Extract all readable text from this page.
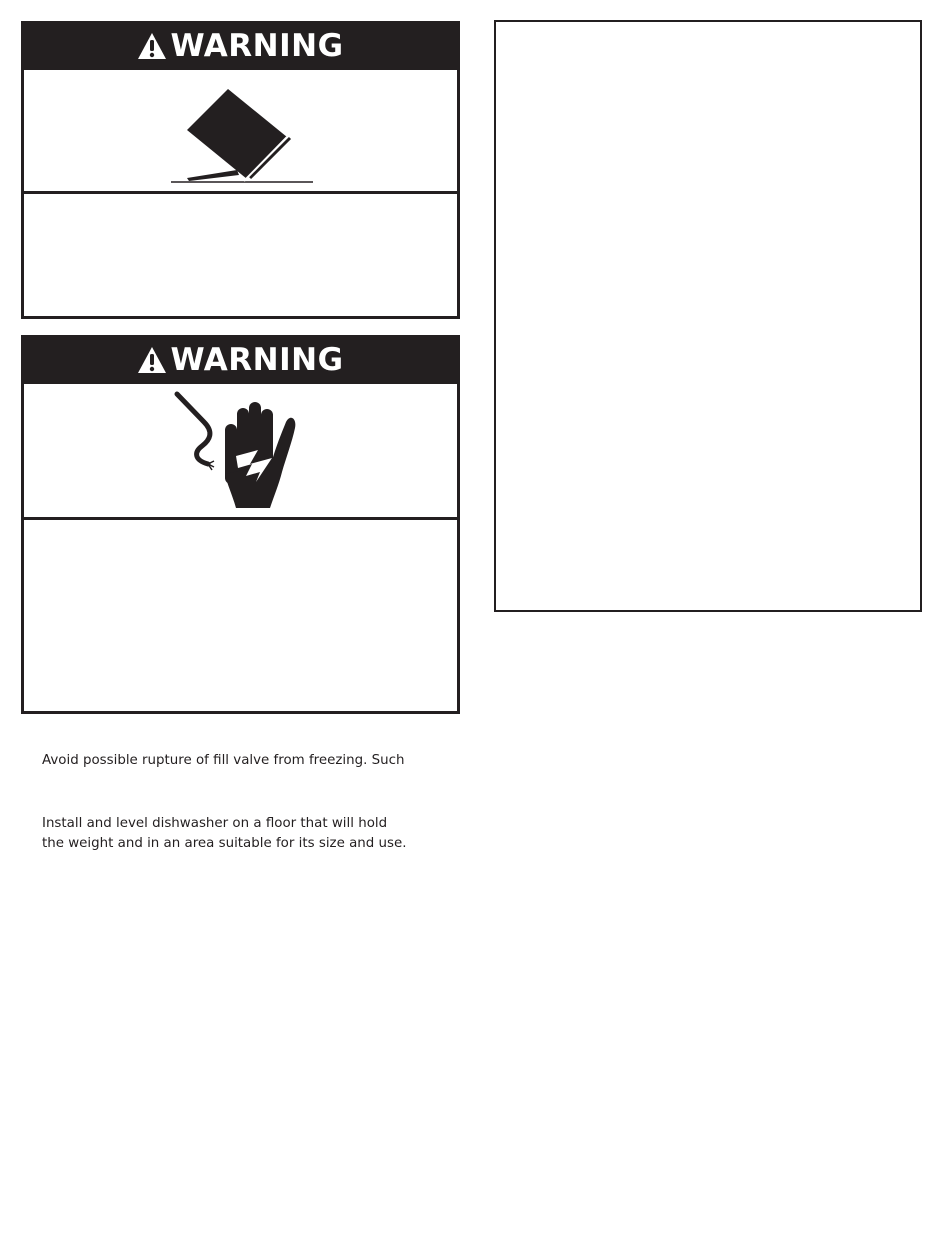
WARNING
WARNING

Avoid possible rupture of fill valve from freezing. Such

Install and level dishwasher on a floor that will hold
the weight and in an area suitable for its size and use.
